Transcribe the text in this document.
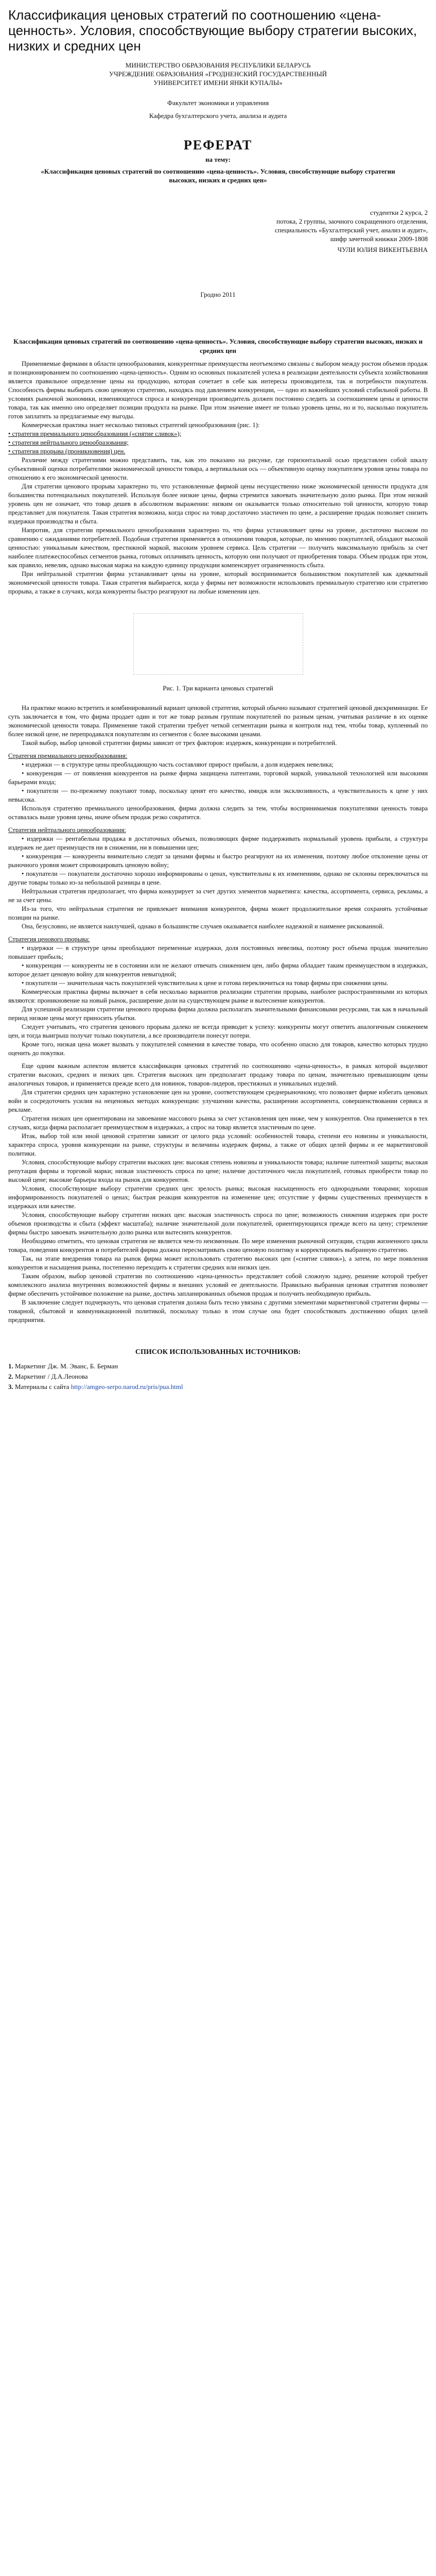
Классификация ценовых стратегий по соотношению «цена-ценность». Условия, способствующие выбору стратегии высоких, низких и средних цен
МИНИСТЕРСТВО ОБРАЗОВАНИЯ РЕСПУБЛИКИ БЕЛАРУСЬ
УЧРЕЖДЕНИЕ ОБРАЗОВАНИЯ «ГРОДНЕНСКИЙ ГОСУДАРСТВЕННЫЙ
УНИВЕРСИТЕТ ИМЕНИ ЯНКИ КУПАЛЫ»
Факультет экономики и управления
Кафедра бухгалтерского учета, анализа и аудита
РЕФЕРАТ
на тему:
«Классификация ценовых стратегий по соотношению «цена-ценность». Условия, способствующие выбору стратегии высоких, низких и средних цен»
студентки 2 курса, 2
потока, 2 группы, заочного сокращенного отделения,
специальность «Бухгалтерский учет, анализ и аудит»,
шифр зачетной книжки 2009-1808
ЧУЛИ ЮЛИЯ ВИКЕНТЬЕВНА
Гродно 2011
Классификация ценовых стратегий по соотношению «цена-ценность». Условия, способствующие выбору стратегии высоких, низких и средних цен

Применяемые фирмами в области ценообразования, конкурентные преимущества неотъемлемо связаны с выбором между ростом объемов продаж и позиционированием по соотношению «цена-ценность». Одним из основных показателей успеха в реализации деятельности субъекта хозяйствования является правильное определение цены на продукцию, которая сочетает в себе как интересы производителя, так и потребности покупателя. Способность фирмы выбирать свою ценовую стратегию, находясь под давлением конкуренции, — одно из важнейших условий стабильной работы. В условиях рыночной экономики, изменяющегося спроса и конкуренции производитель должен постоянно следить за соотношением цены и ценности товара, так как именно оно определяет позиции продукта на рынке. При этом значение имеет не только уровень цены, но и то, насколько покупатель готов заплатить за предлагаемые ему выгоды.

Коммерческая практика знает несколько типовых стратегий ценообразования (рис. 1):

• стратегия премиального ценообразования («снятие сливок»);

• стратегия нейтрального ценообразования;

• стратегия прорыва (проникновения) цен.

Различие между стратегиями можно представить, так, как это показано на рисунке, где горизонтальной осью представлен собой шкалу субъективной оценки потребителями экономической ценности товара, а вертикальная ось — объективную оценку покупателем уровня цены товара по отношению к его экономической ценности.

Для стратегии ценового прорыва характерно то, что установленные фирмой цены несущественно ниже экономической ценности продукта для большинства потенциальных покупателей. Используя более низкие цены, фирма стремится завоевать значительную долю рынка. При этом низкий уровень цен не означает, что товар дешев в абсолютном выражении: низким он оказывается только относительно той ценности, которую товар представляет для покупателя. Такая стратегия возможна, когда спрос на товар достаточно эластичен по цене, а расширение продаж позволяет снизить издержки производства и сбыта.

Напротив, для стратегии премиального ценообразования характерно то, что фирма устанавливает цены на уровне, достаточно высоком по сравнению с ожиданиями потребителей. Подобная стратегия применяется в отношении товаров, которые, по мнению покупателей, обладают высокой ценностью: уникальным качеством, престижной маркой, высоким уровнем сервиса. Цель стратегии — получить максимальную прибыль за счет наиболее платежеспособных сегментов рынка, готовых оплачивать ценность, которую они получают от приобретения товара. Объем продаж при этом, как правило, невелик, однако высокая маржа на каждую единицу продукции компенсирует ограниченность сбыта.

При нейтральной стратегии фирма устанавливает цены на уровне, который воспринимается большинством покупателей как адекватный экономической ценности товара. Такая стратегия выбирается, когда у фирмы нет возможности использовать премиальную стратегию или стратегию прорыва, а также в случаях, когда конкуренты быстро реагируют на любые изменения цен.

Рис. 1. Три варианта ценовых стратегий

На практике можно встретить и комбинированный вариант ценовой стратегии, который обычно называют стратегией ценовой дискриминации. Ее суть заключается в том, что фирма продает один и тот же товар разным группам покупателей по разным ценам, учитывая различие в их оценке экономической ценности товара. Применение такой стратегии требует четкой сегментации рынка и контроля над тем, чтобы товар, купленный по более низкой цене, не перепродавался покупателям из сегментов с более высокими ценами.

Такой выбор, выбор ценовой стратегии фирмы зависит от трех факторов: издержек, конкуренции и потребителей.

Стратегия премиального ценообразования:

• издержки — в структуре цены преобладающую часть составляют прирост прибыли, а доля издержек невелика;

• конкуренция — от появления конкурентов на рынке фирма защищена патентами, торговой маркой, уникальной технологией или высокими барьерами входа;

• покупатели — по-прежнему покупают товар, поскольку ценят его качество, имидж или эксклюзивность, а чувствительность к цене у них невысока.

Используя стратегию премиального ценообразования, фирма должна следить за тем, чтобы воспринимаемая покупателями ценность товара оставалась выше уровня цены, иначе объем продаж резко сократится.

Стратегия нейтрального ценообразования:

• издержки — рентабельна продажа в достаточных объемах, позволяющих фирме поддерживать нормальный уровень прибыли, а структура издержек не дает преимуществ ни в снижении, ни в повышении цен;

• конкуренция — конкуренты внимательно следят за ценами фирмы и быстро реагируют на их изменения, поэтому любое отклонение цены от рыночного уровня может спровоцировать ценовую войну;

• покупатели — покупатели достаточно хорошо информированы о ценах, чувствительны к их изменениям, однако не склонны переключаться на другие товары только из-за небольшой разницы в цене.

Нейтральная стратегия предполагает, что фирма конкурирует за счет других элементов маркетинга: качества, ассортимента, сервиса, рекламы, а не за счет цены.

Из-за того, что нейтральная стратегия не привлекает внимания конкурентов, фирма может продолжительное время сохранять устойчивые позиции на рынке.

Она, безусловно, не является наилучшей, однако в большинстве случаев оказывается наиболее надежной и наименее рискованной.

Стратегия ценового прорыва:

• издержки — в структуре цены преобладают переменные издержки, доля постоянных невелика, поэтому рост объема продаж значительно повышает прибыль;

• конкуренция — конкуренты не в состоянии или не желают отвечать снижением цен, либо фирма обладает таким преимуществом в издержках, которое делает ценовую войну для конкурентов невыгодной;

• покупатели — значительная часть покупателей чувствительна к цене и готова переключиться на товар фирмы при снижении цены.

Коммерческая практика фирмы включает в себя несколько вариантов реализации стратегии прорыва, наиболее распространенными из которых являются: проникновение на новый рынок, расширение доли на существующем рынке и вытеснение конкурентов.

Для успешной реализации стратегии ценового прорыва фирма должна располагать значительными финансовыми ресурсами, так как в начальный период низкие цены могут приносить убытки.

Следует учитывать, что стратегия ценового прорыва далеко не всегда приводит к успеху: конкуренты могут ответить аналогичным снижением цен, и тогда выигрыш получат только покупатели, а все производители понесут потери.

Кроме того, низкая цена может вызвать у покупателей сомнения в качестве товара, что особенно опасно для товаров, качество которых трудно оценить до покупки.

Еще одним важным аспектом является классификация ценовых стратегий по соотношению «цена-ценность», в рамках которой выделяют стратегии высоких, средних и низких цен. Стратегия высоких цен предполагает продажу товара по ценам, значительно превышающим цены аналогичных товаров, и применяется прежде всего для новинок, товаров-лидеров, престижных и уникальных изделий.

Для стратегии средних цен характерно установление цен на уровне, соответствующем среднерыночному, что позволяет фирме избегать ценовых войн и сосредоточить усилия на неценовых методах конкуренции: улучшении качества, расширении ассортимента, совершенствовании сервиса и рекламе.

Стратегия низких цен ориентирована на завоевание массового рынка за счет установления цен ниже, чем у конкурентов. Она применяется в тех случаях, когда фирма располагает преимуществом в издержках, а спрос на товар является эластичным по цене.

Итак, выбор той или иной ценовой стратегии зависит от целого ряда условий: особенностей товара, степени его новизны и уникальности, характера спроса, уровня конкуренции на рынке, структуры и величины издержек фирмы, а также от общих целей фирмы и ее маркетинговой политики.

Условия, способствующие выбору стратегии высоких цен: высокая степень новизны и уникальности товара; наличие патентной защиты; высокая репутация фирмы и торговой марки; низкая эластичность спроса по цене; наличие достаточного числа покупателей, готовых приобрести товар по высокой цене; высокие барьеры входа на рынок для конкурентов.

Условия, способствующие выбору стратегии средних цен: зрелость рынка; высокая насыщенность его однородными товарами; хорошая информированность покупателей о ценах; быстрая реакция конкурентов на изменение цен; отсутствие у фирмы существенных преимуществ в издержках или качестве.

Условия, способствующие выбору стратегии низких цен: высокая эластичность спроса по цене; возможность снижения издержек при росте объемов производства и сбыта (эффект масштаба); наличие значительной доли покупателей, ориентирующихся прежде всего на цену; стремление фирмы быстро завоевать значительную долю рынка или вытеснить конкурентов.

Необходимо отметить, что ценовая стратегия не является чем-то неизменным. По мере изменения рыночной ситуации, стадии жизненного цикла товара, поведения конкурентов и потребителей фирма должна пересматривать свою ценовую политику и корректировать выбранную стратегию.

Так, на этапе внедрения товара на рынок фирма может использовать стратегию высоких цен («снятие сливок»), а затем, по мере появления конкурентов и насыщения рынка, постепенно переходить к стратегии средних или низких цен.

Таким образом, выбор ценовой стратегии по соотношению «цена-ценность» представляет собой сложную задачу, решение которой требует комплексного анализа внутренних возможностей фирмы и внешних условий ее деятельности. Правильно выбранная ценовая стратегия позволяет фирме обеспечить устойчивое положение на рынке, достичь запланированных объемов продаж и получить необходимую прибыль.

В заключение следует подчеркнуть, что ценовая стратегия должна быть тесно увязана с другими элементами маркетинговой стратегии фирмы — товарной, сбытовой и коммуникационной политикой, поскольку только в этом случае она будет способствовать достижению общих целей предприятия.

СПИСОК ИСПОЛЬЗОВАННЫХ ИСТОЧНИКОВ:
1. Маркетинг Дж. М. Эванс, Б. Берман
2. Маркетинг / Д.А.Леонова
3. Материалы с сайта http://amgeo-serpo.narod.ru/pris/pua.html
